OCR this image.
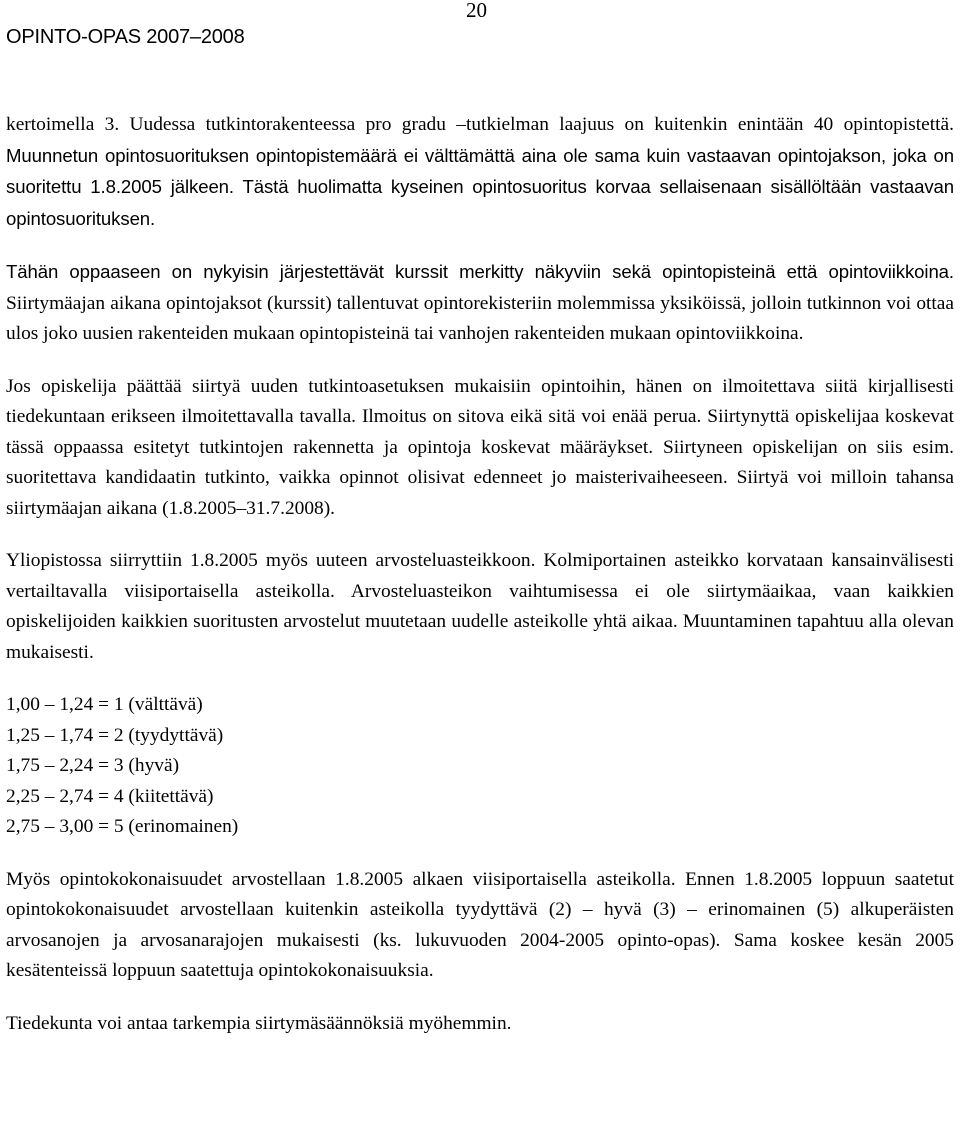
20
OPINTO-OPAS 2007–2008

kertoimella 3. Uudessa tutkintorakenteessa pro gradu –tutkielman laajuus on kuitenkin enintään 40 opintopistettä. Muunnetun opintosuorituksen opintopistemäärä ei välttämättä aina ole sama kuin vastaavan opintojakson, joka on suoritettu 1.8.2005 jälkeen. Tästä huolimatta kyseinen opintosuoritus korvaa sellaisenaan sisällöltään vastaavan opintosuorituksen.

Tähän oppaaseen on nykyisin järjestettävät kurssit merkitty näkyviin sekä opintopisteinä että opintoviikkoina. Siirtymäajan aikana opintojaksot (kurssit) tallentuvat opintorekisteriin molemmissa yksiköissä, jolloin tutkinnon voi ottaa ulos joko uusien rakenteiden mukaan opintopisteinä tai vanhojen rakenteiden mukaan opintoviikkoina.

Jos opiskelija päättää siirtyä uuden tutkintoasetuksen mukaisiin opintoihin, hänen on ilmoitettava siitä kirjallisesti tiedekuntaan erikseen ilmoitettavalla tavalla. Ilmoitus on sitova eikä sitä voi enää perua. Siirtynyttä opiskelijaa koskevat tässä oppaassa esitetyt tutkintojen rakennetta ja opintoja koskevat määräykset. Siirtyneen opiskelijan on siis esim. suoritettava kandidaatin tutkinto, vaikka opinnot olisivat edenneet jo maisterivaiheeseen. Siirtyä voi milloin tahansa siirtymäajan aikana (1.8.2005–31.7.2008).

Yliopistossa siirryttiin 1.8.2005 myös uuteen arvosteluasteikkoon. Kolmiportainen asteikko korvataan kansainvälisesti vertailtavalla viisiportaisella asteikolla. Arvosteluasteikon vaihtumisessa ei ole siirtymäaikaa, vaan kaikkien opiskelijoiden kaikkien suoritusten arvostelut muutetaan uudelle asteikolle yhtä aikaa. Muuntaminen tapahtuu alla olevan mukaisesti.

1,00 – 1,24 = 1 (välttävä)
1,25 – 1,74 = 2 (tyydyttävä)
1,75 – 2,24 = 3 (hyvä)
2,25 – 2,74 = 4 (kiitettävä)
2,75 – 3,00 = 5 (erinomainen)

Myös opintokokonaisuudet arvostellaan 1.8.2005 alkaen viisiportaisella asteikolla. Ennen 1.8.2005 loppuun saatetut opintokokonaisuudet arvostellaan kuitenkin asteikolla tyydyttävä (2) – hyvä (3) – erinomainen (5) alkuperäisten arvosanojen ja arvosanarajojen mukaisesti (ks. lukuvuoden 2004-2005 opinto-opas). Sama koskee kesän 2005 kesätenteissä loppuun saatettuja opintokokonaisuuksia.

Tiedekunta voi antaa tarkempia siirtymäsäännöksiä myöhemmin.
